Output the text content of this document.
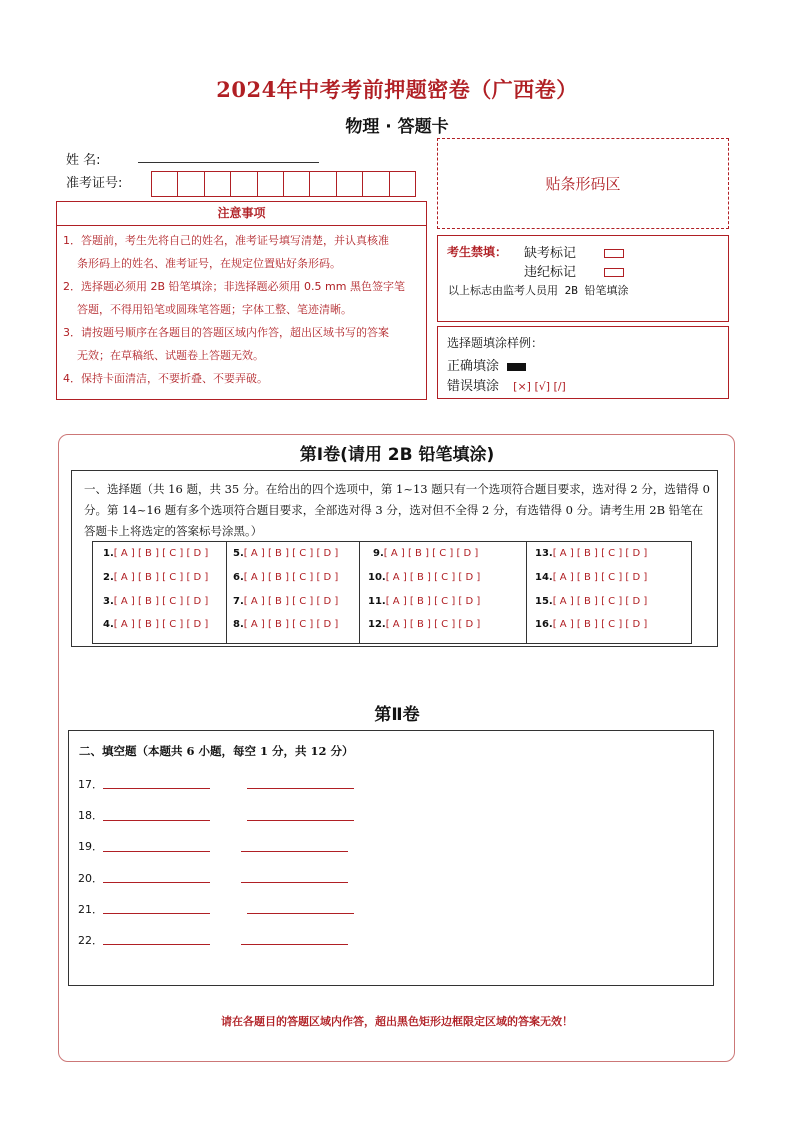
2024年中考考前押题密卷（广西卷）
物理 · 答题卡
姓 名:
准考证号:	贴条形码区
注意事项
1．答题前，考生先将自己的姓名，准考证号填写清楚，并认真核准
条形码上的姓名、准考证号，在规定位置贴好条形码。
2．选择题必须用 2B 铅笔填涂；非选择题必须用 0.5 mm 黑色签字笔
答题，不得用铅笔或圆珠笔答题；字体工整、笔迹清晰。
3．请按题号顺序在各题目的答题区域内作答，超出区域书写的答案
无效；在草稿纸、试题卷上答题无效。
4．保持卡面清洁，不要折叠、不要弄破。
考生禁填： 缺考标记
违纪标记
以上标志由监考人员用 2B 铅笔填涂
选择题填涂样例：
正确填涂
错误填涂 [×] [√] [/]
第Ⅰ卷(请用 2B 铅笔填涂)
一、选择题（共 16 题，共 35 分。在给出的四个选项中，第 1~13 题只有一个选项符合题目要求，选对得 2 分，选错得 0 分。第 14~16 题有多个选项符合题目要求，全部选对得 3 分，选对但不全得 2 分，有选错得 0 分。请考生用 2B 铅笔在答题卡上将选定的答案标号涂黑。）
1.[ A ] [ B ] [ C ] [ D ]
2.[ A ] [ B ] [ C ] [ D ]
3.[ A ] [ B ] [ C ] [ D ]
4.[ A ] [ B ] [ C ] [ D ]
5.[ A ] [ B ] [ C ] [ D ]
6.[ A ] [ B ] [ C ] [ D ]
7.[ A ] [ B ] [ C ] [ D ]
8.[ A ] [ B ] [ C ] [ D ]
9.[ A ] [ B ] [ C ] [ D ]
10.[ A ] [ B ] [ C ] [ D ]
11.[ A ] [ B ] [ C ] [ D ]
12.[ A ] [ B ] [ C ] [ D ]
13.[ A ] [ B ] [ C ] [ D ]
14.[ A ] [ B ] [ C ] [ D ]
15.[ A ] [ B ] [ C ] [ D ]
16.[ A ] [ B ] [ C ] [ D ]
第Ⅱ卷
二、填空题（本题共 6 小题，每空 1 分，共 12 分）
17．
18．
19．
20．
21．
22．
请在各题目的答题区域内作答，超出黑色矩形边框限定区域的答案无效！
